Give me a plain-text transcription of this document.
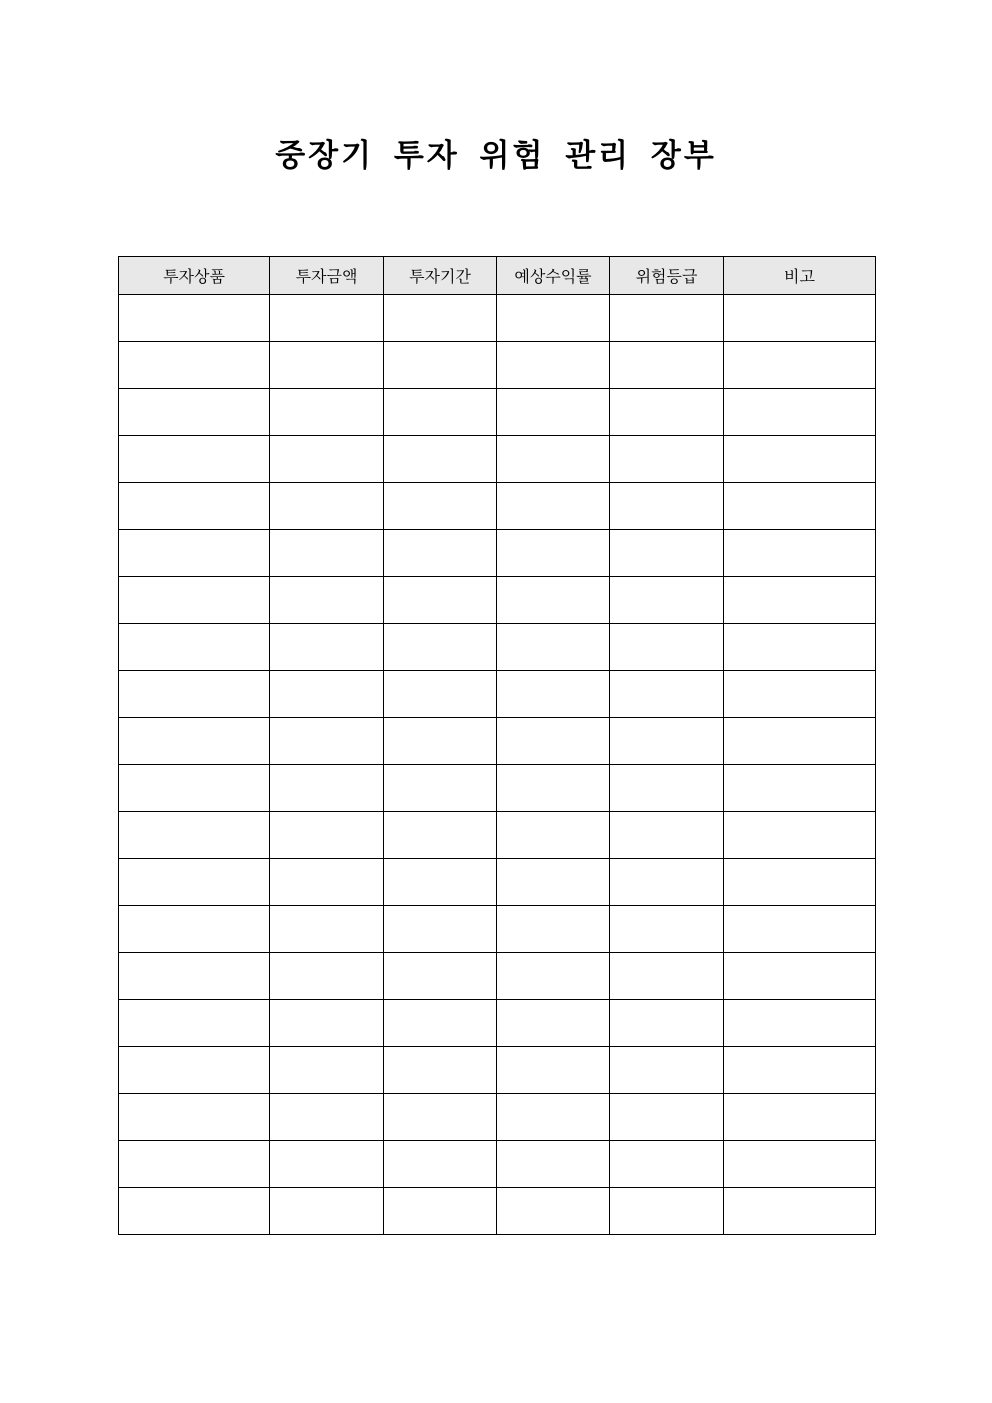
중장기 투자 위험 관리 장부
투자상품	투자금액	투자기간	예상수익률	위험등급	비고
